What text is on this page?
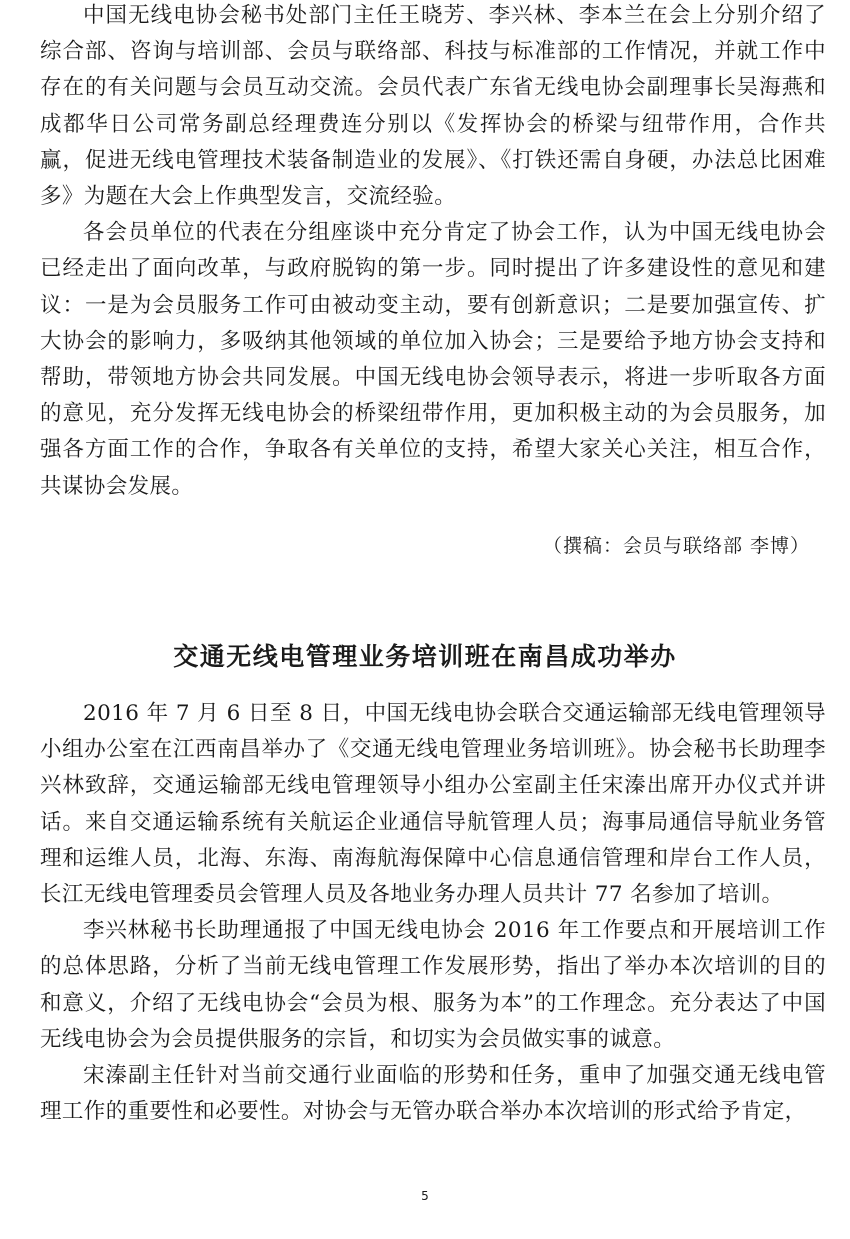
中国无线电协会秘书处部门主任王晓芳、李兴林、李本兰在会上分别介绍了综合部、咨询与培训部、会员与联络部、科技与标准部的工作情况，并就工作中存在的有关问题与会员互动交流。会员代表广东省无线电协会副理事长吴海燕和成都华日公司常务副总经理费连分别以《发挥协会的桥梁与纽带作用，合作共赢，促进无线电管理技术装备制造业的发展》、《打铁还需自身硬，办法总比困难多》为题在大会上作典型发言，交流经验。

各会员单位的代表在分组座谈中充分肯定了协会工作，认为中国无线电协会已经走出了面向改革，与政府脱钩的第一步。同时提出了许多建设性的意见和建议：一是为会员服务工作可由被动变主动，要有创新意识；二是要加强宣传、扩大协会的影响力，多吸纳其他领域的单位加入协会；三是要给予地方协会支持和帮助，带领地方协会共同发展。中国无线电协会领导表示，将进一步听取各方面的意见，充分发挥无线电协会的桥梁纽带作用，更加积极主动的为会员服务，加强各方面工作的合作，争取各有关单位的支持，希望大家关心关注，相互合作，共谋协会发展。

（撰稿：会员与联络部 李博）
交通无线电管理业务培训班在南昌成功举办

2016 年 7 月 6 日至 8 日，中国无线电协会联合交通运输部无线电管理领导小组办公室在江西南昌举办了《交通无线电管理业务培训班》。协会秘书长助理李兴林致辞，交通运输部无线电管理领导小组办公室副主任宋溱出席开办仪式并讲话。来自交通运输系统有关航运企业通信导航管理人员；海事局通信导航业务管理和运维人员，北海、东海、南海航海保障中心信息通信管理和岸台工作人员，长江无线电管理委员会管理人员及各地业务办理人员共计 77 名参加了培训。

李兴林秘书长助理通报了中国无线电协会 2016 年工作要点和开展培训工作的总体思路，分析了当前无线电管理工作发展形势，指出了举办本次培训的目的和意义，介绍了无线电协会“会员为根、服务为本”的工作理念。充分表达了中国无线电协会为会员提供服务的宗旨，和切实为会员做实事的诚意。

宋溱副主任针对当前交通行业面临的形势和任务，重申了加强交通无线电管理工作的重要性和必要性。对协会与无管办联合举办本次培训的形式给予肯定，

5
